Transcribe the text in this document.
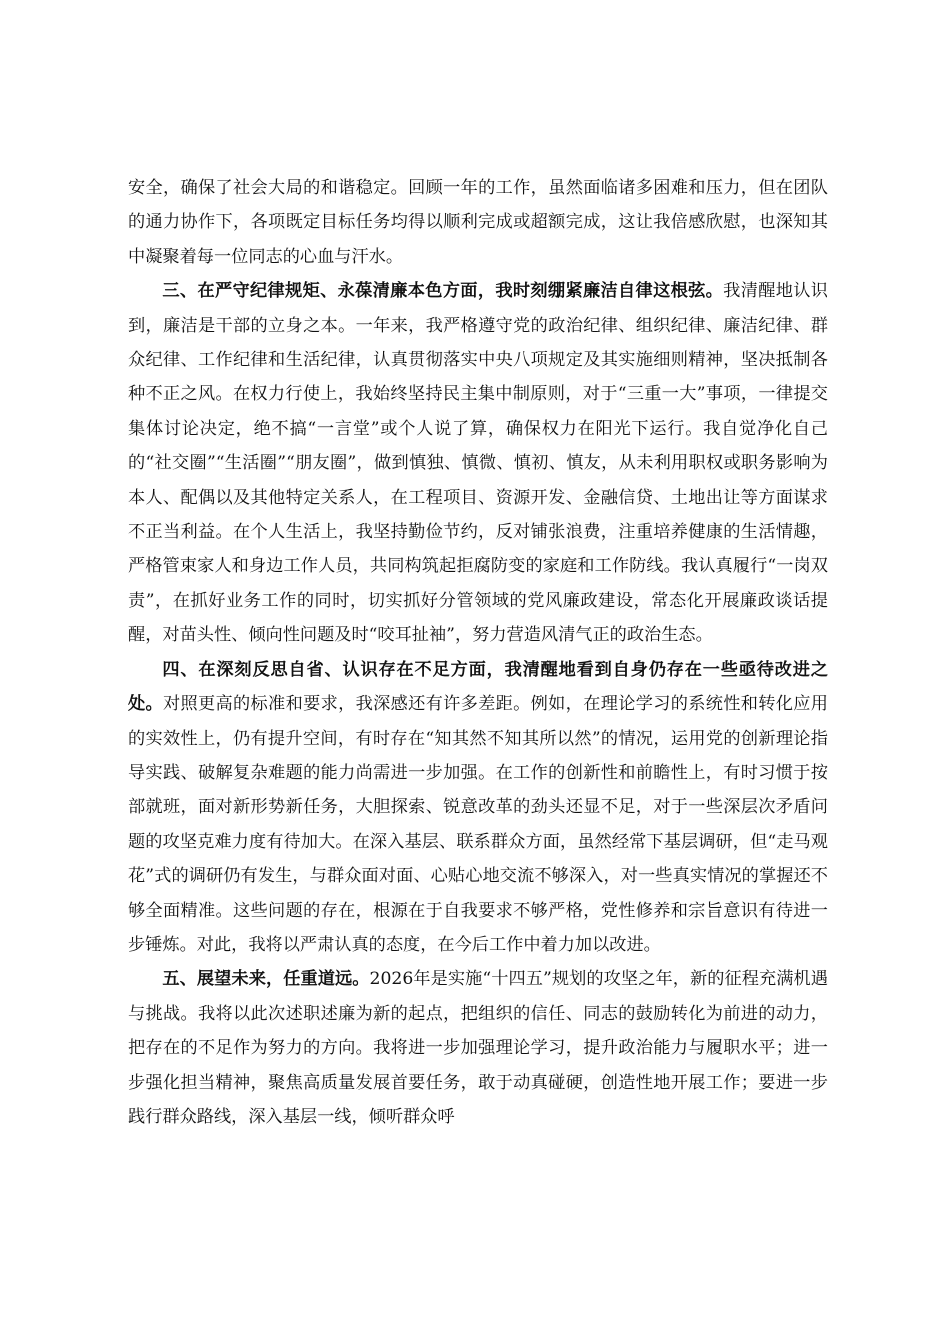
安全，确保了社会大局的和谐稳定。回顾一年的工作，虽然面临诸多困难和压力，但在团队的通力协作下，各项既定目标任务均得以顺利完成或超额完成，这让我倍感欣慰，也深知其中凝聚着每一位同志的心血与汗水。

三、在严守纪律规矩、永葆清廉本色方面，我时刻绷紧廉洁自律这根弦。我清醒地认识到，廉洁是干部的立身之本。一年来，我严格遵守党的政治纪律、组织纪律、廉洁纪律、群众纪律、工作纪律和生活纪律，认真贯彻落实中央八项规定及其实施细则精神，坚决抵制各种不正之风。在权力行使上，我始终坚持民主集中制原则，对于“三重一大”事项，一律提交集体讨论决定，绝不搞“一言堂”或个人说了算，确保权力在阳光下运行。我自觉净化自己的“社交圈”“生活圈”“朋友圈”，做到慎独、慎微、慎初、慎友，从未利用职权或职务影响为本人、配偶以及其他特定关系人，在工程项目、资源开发、金融信贷、土地出让等方面谋求不正当利益。在个人生活上，我坚持勤俭节约，反对铺张浪费，注重培养健康的生活情趣，严格管束家人和身边工作人员，共同构筑起拒腐防变的家庭和工作防线。我认真履行“一岗双责”，在抓好业务工作的同时，切实抓好分管领域的党风廉政建设，常态化开展廉政谈话提醒，对苗头性、倾向性问题及时“咬耳扯袖”，努力营造风清气正的政治生态。

四、在深刻反思自省、认识存在不足方面，我清醒地看到自身仍存在一些亟待改进之处。对照更高的标准和要求，我深感还有许多差距。例如，在理论学习的系统性和转化应用的实效性上，仍有提升空间，有时存在“知其然不知其所以然”的情况，运用党的创新理论指导实践、破解复杂难题的能力尚需进一步加强。在工作的创新性和前瞻性上，有时习惯于按部就班，面对新形势新任务，大胆探索、锐意改革的劲头还显不足，对于一些深层次矛盾问题的攻坚克难力度有待加大。在深入基层、联系群众方面，虽然经常下基层调研，但“走马观花”式的调研仍有发生，与群众面对面、心贴心地交流不够深入，对一些真实情况的掌握还不够全面精准。这些问题的存在，根源在于自我要求不够严格，党性修养和宗旨意识有待进一步锤炼。对此，我将以严肃认真的态度，在今后工作中着力加以改进。

五、展望未来，任重道远。2026年是实施“十四五”规划的攻坚之年，新的征程充满机遇与挑战。我将以此次述职述廉为新的起点，把组织的信任、同志的鼓励转化为前进的动力，把存在的不足作为努力的方向。我将进一步加强理论学习，提升政治能力与履职水平；进一步强化担当精神，聚焦高质量发展首要任务，敢于动真碰硬，创造性地开展工作；要进一步践行群众路线，深入基层一线，倾听群众呼
